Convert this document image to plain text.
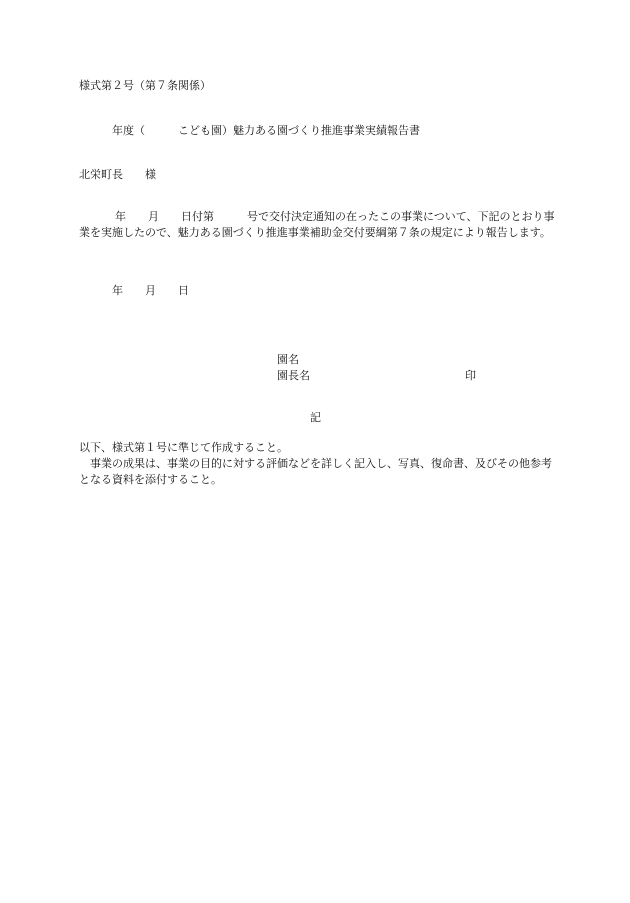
様式第２号（第７条関係）
　　　年度（　　　こども園）魅力ある園づくり推進事業実績報告書
北栄町長　　様
年　　月　　日付第　　　号で交付決定通知の在ったこの事業について、下記のとおり事業を実施したので、魅力ある園づくり推進事業補助金交付要綱第７条の規定により報告します。
　　　年　　月　　日
園名
園長名	印
記
以下、様式第１号に準じて作成すること。
事業の成果は、事業の目的に対する評価などを詳しく記入し、写真、復命書、及びその他参考となる資料を添付すること。
